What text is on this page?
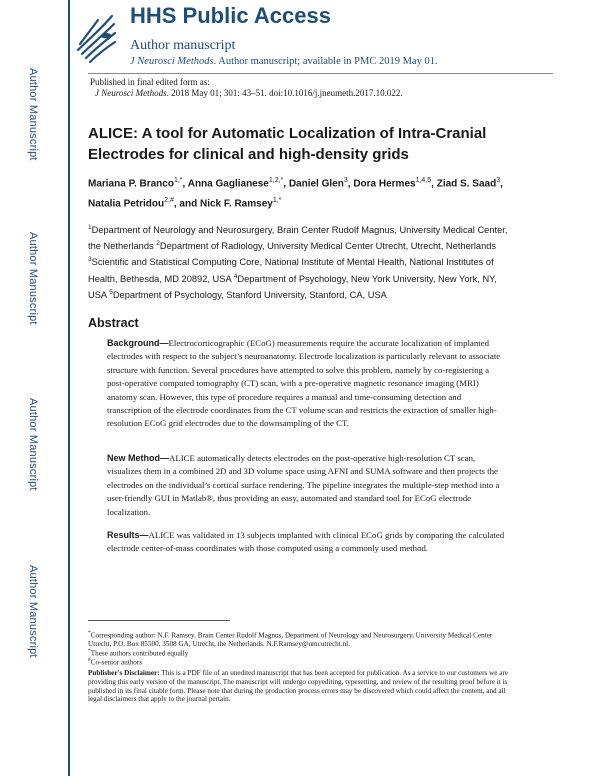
Author Manuscript
Author Manuscript
Author Manuscript
Author Manuscript
HHS Public Access
Author manuscript
J Neurosci Methods. Author manuscript; available in PMC 2019 May 01.
Published in final edited form as:
J Neurosci Methods. 2018 May 01; 301: 43–51. doi:10.1016/j.jneumeth.2017.10.022.
ALICE: A tool for Automatic Localization of Intra-Cranial Electrodes for clinical and high-density grids
Mariana P. Branco$^{1,*}$, Anna Gaglianese$^{1,2,*}$, Daniel Glen$^3$, Dora Hermes$^{1,4,5}$, Ziad S. Saad$^3$, Natalia Petridou$^{2,\#}$, and Nick F. Ramsey$^{1,*}$
$^1$Department of Neurology and Neurosurgery, Brain Center Rudolf Magnus, University Medical Center, the Netherlands $^2$Department of Radiology, University Medical Center Utrecht, Utrecht, Netherlands $^3$Scientific and Statistical Computing Core, National Institute of Mental Health, National Institutes of Health, Bethesda, MD 20892, USA $^4$Department of Psychology, New York University, New York, NY, USA $^5$Department of Psychology, Stanford University, Stanford, CA, USA
Abstract
Background—Electrocorticographic (ECoG) measurements require the accurate localization of implanted electrodes with respect to the subject’s neuroanatomy. Electrode localization is particularly relevant to associate structure with function. Several procedures have attempted to solve this problem, namely by co-registering a post-operative computed tomography (CT) scan, with a pre-operative magnetic resonance imaging (MRI) anatomy scan. However, this type of procedure requires a manual and time-consuming detection and transcription of the electrode coordinates from the CT volume scan and restricts the extraction of smaller high-resolution ECoG grid electrodes due to the downsampling of the CT.
New Method—ALICE automatically detects electrodes on the post-operative high-resolution CT scan, visualizes them in a combined 2D and 3D volume space using AFNI and SUMA software and then projects the electrodes on the individual’s cortical surface rendering. The pipeline integrates the multiple-step method into a user-friendly GUI in Matlab®, thus providing an easy, automated and standard tool for ECoG electrode localization.
Results—ALICE was validated in 13 subjects implanted with clinical ECoG grids by comparing the calculated electrode center-of-mass coordinates with those computed using a commonly used method.
*Corresponding author: N.F. Ramsey. Brain Center Rudolf Magnus, Department of Neurology and Neurosurgery, University Medical Center Utrecht, P.O. Box 85500, 3508 GA, Utrecht, the Netherlands. N.F.Ramsey@umcutrecht.nl.
*These authors contributed equally
#Co-senior authors
Publisher's Disclaimer: This is a PDF file of an unedited manuscript that has been accepted for publication. As a service to our customers we are providing this early version of the manuscript. The manuscript will undergo copyediting, typesetting, and review of the resulting proof before it is published in its final citable form. Please note that during the production process errors may be discovered which could affect the content, and all legal disclaimers that apply to the journal pertain.
